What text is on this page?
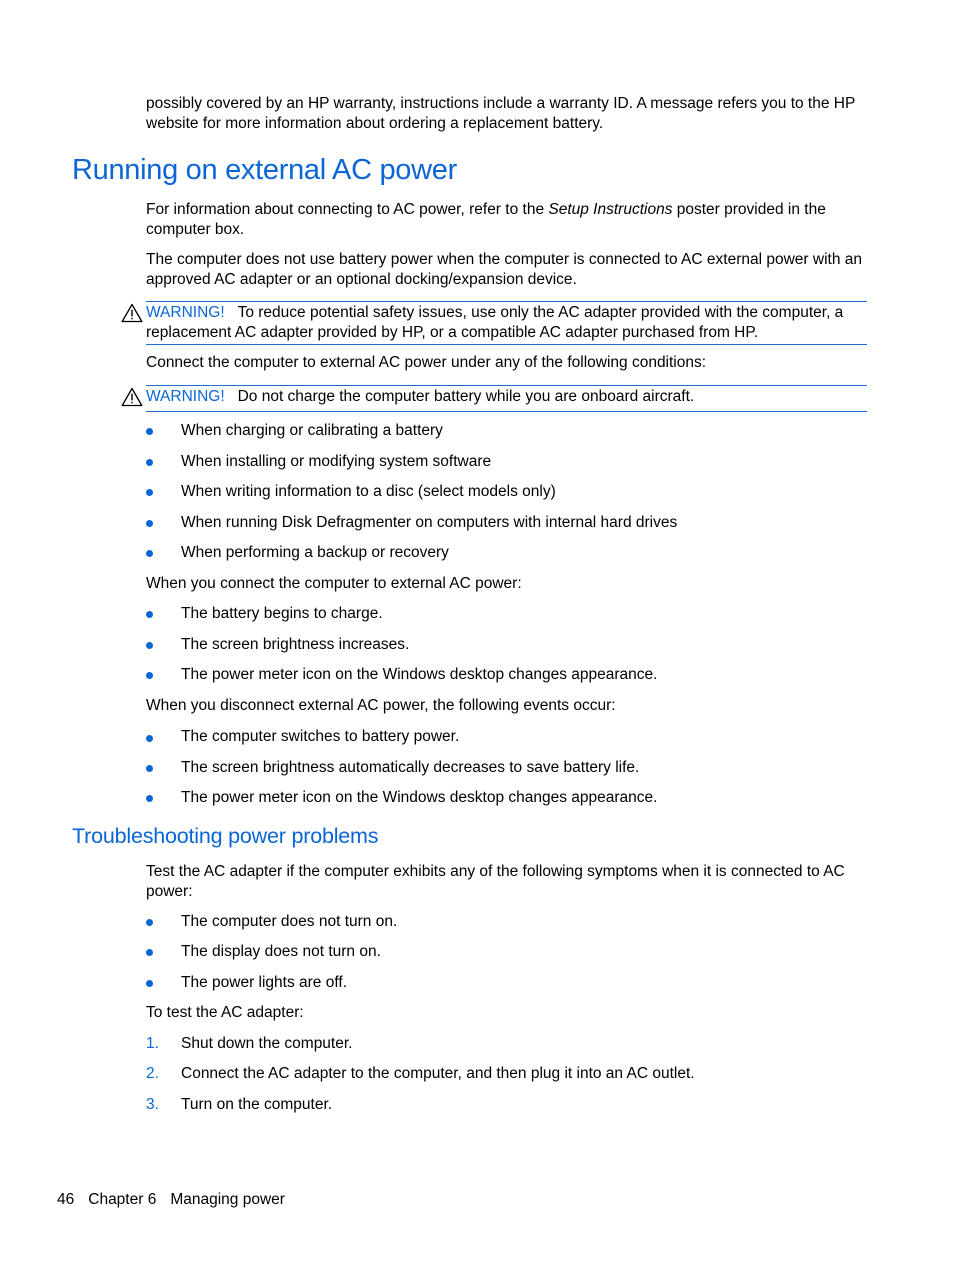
possibly covered by an HP warranty, instructions include a warranty ID. A message refers you to the HP website for more information about ordering a replacement battery.
Running on external AC power
For information about connecting to AC power, refer to the Setup Instructions poster provided in the computer box.
The computer does not use battery power when the computer is connected to AC external power with an approved AC adapter or an optional docking/expansion device.
WARNING! To reduce potential safety issues, use only the AC adapter provided with the computer, a replacement AC adapter provided by HP, or a compatible AC adapter purchased from HP.
Connect the computer to external AC power under any of the following conditions:
WARNING! Do not charge the computer battery while you are onboard aircraft.
When charging or calibrating a battery
When installing or modifying system software
When writing information to a disc (select models only)
When running Disk Defragmenter on computers with internal hard drives
When performing a backup or recovery
When you connect the computer to external AC power:
The battery begins to charge.
The screen brightness increases.
The power meter icon on the Windows desktop changes appearance.
When you disconnect external AC power, the following events occur:
The computer switches to battery power.
The screen brightness automatically decreases to save battery life.
The power meter icon on the Windows desktop changes appearance.
Troubleshooting power problems
Test the AC adapter if the computer exhibits any of the following symptoms when it is connected to AC power:
The computer does not turn on.
The display does not turn on.
The power lights are off.
To test the AC adapter:
1. Shut down the computer.
2. Connect the AC adapter to the computer, and then plug it into an AC outlet.
3. Turn on the computer.
46 Chapter 6 Managing power
